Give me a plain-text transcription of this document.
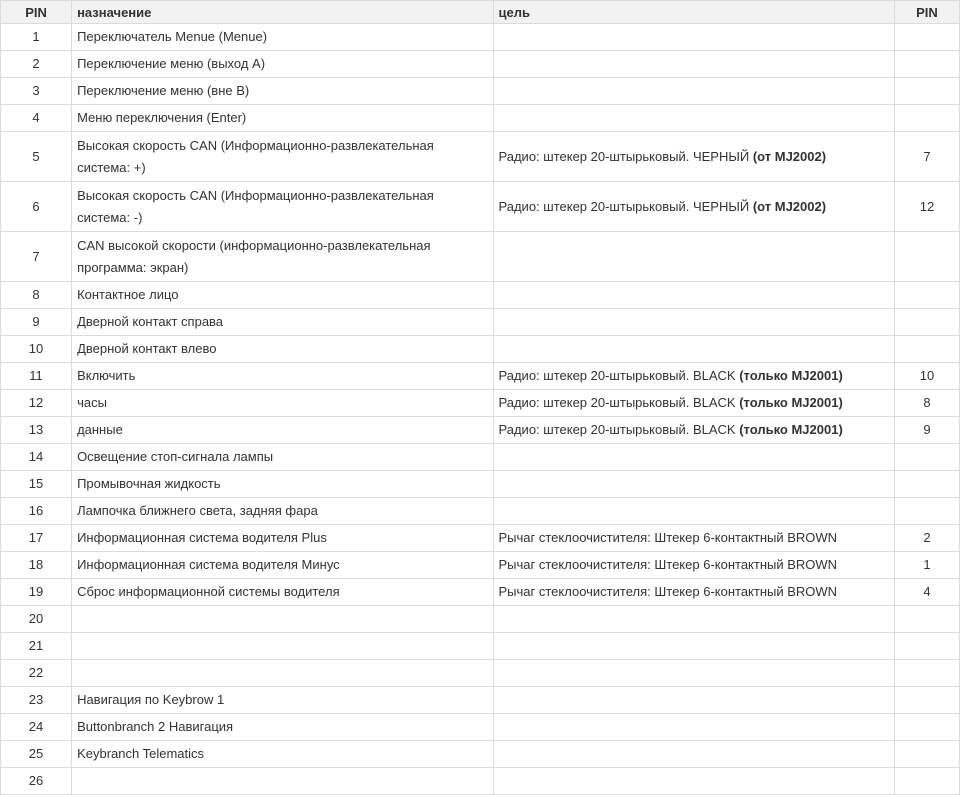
PIN	назначение	цель	PIN
1	Переключатель Menue (Menue)		
2	Переключение меню (выход A)		
3	Переключение меню (вне B)		
4	Меню переключения (Enter)		
5	Высокая скорость CAN (Информационно-развлекательная система: +)	Радио: штекер 20-штырьковый. ЧЕРНЫЙ (от MJ2002)	7
6	Высокая скорость CAN (Информационно-развлекательная система: -)	Радио: штекер 20-штырьковый. ЧЕРНЫЙ (от MJ2002)	12
7	CAN высокой скорости (информационно-развлекательная программа: экран)		
8	Контактное лицо		
9	Дверной контакт справа		
10	Дверной контакт влево		
11	Включить	Радио: штекер 20-штырьковый. BLACK (только MJ2001)	10
12	часы	Радио: штекер 20-штырьковый. BLACK (только MJ2001)	8
13	данные	Радио: штекер 20-штырьковый. BLACK (только MJ2001)	9
14	Освещение стоп-сигнала лампы		
15	Промывочная жидкость		
16	Лампочка ближнего света, задняя фара		
17	Информационная система водителя Plus	Рычаг стеклоочистителя: Штекер 6-контактный BROWN	2
18	Информационная система водителя Минус	Рычаг стеклоочистителя: Штекер 6-контактный BROWN	1
19	Сброс информационной системы водителя	Рычаг стеклоочистителя: Штекер 6-контактный BROWN	4
20			
21			
22			
23	Навигация по Keybrow 1		
24	Buttonbranch 2 Навигация		
25	Keybranch Telematics		
26			
